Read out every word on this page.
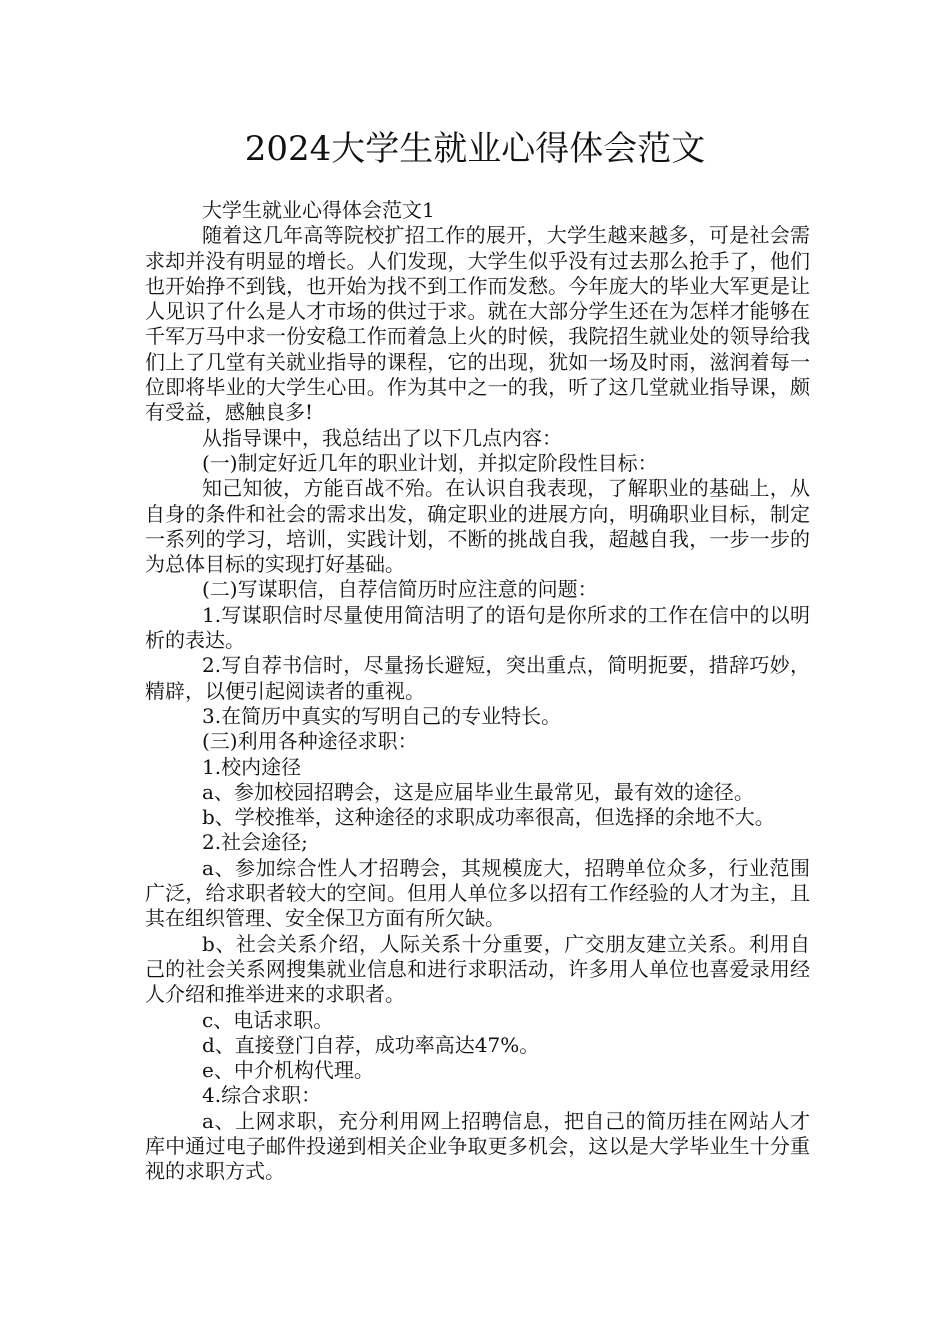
2024大学生就业心得体会范文

大学生就业心得体会范文1

随着这几年高等院校扩招工作的展开，大学生越来越多，可是社会需求却并没有明显的增长。人们发现，大学生似乎没有过去那么抢手了，他们也开始挣不到钱，也开始为找不到工作而发愁。今年庞大的毕业大军更是让人见识了什么是人才市场的供过于求。就在大部分学生还在为怎样才能够在千军万马中求一份安稳工作而着急上火的时候，我院招生就业处的领导给我们上了几堂有关就业指导的课程，它的出现，犹如一场及时雨，滋润着每一位即将毕业的大学生心田。作为其中之一的我，听了这几堂就业指导课，颇有受益，感触良多!

从指导课中，我总结出了以下几点内容：

(一)制定好近几年的职业计划，并拟定阶段性目标：

知己知彼，方能百战不殆。在认识自我表现，了解职业的基础上，从自身的条件和社会的需求出发，确定职业的进展方向，明确职业目标，制定一系列的学习，培训，实践计划，不断的挑战自我，超越自我，一步一步的为总体目标的实现打好基础。

(二)写谋职信，自荐信简历时应注意的问题：

1.写谋职信时尽量使用简洁明了的语句是你所求的工作在信中的以明析的表达。

2.写自荐书信时，尽量扬长避短，突出重点，简明扼要，措辞巧妙，精辟，以便引起阅读者的重视。

3.在简历中真实的写明自己的专业特长。

(三)利用各种途径求职：

1.校内途径

a、参加校园招聘会，这是应届毕业生最常见，最有效的途径。

b、学校推举，这种途径的求职成功率很高，但选择的余地不大。

2.社会途径;

a、参加综合性人才招聘会，其规模庞大，招聘单位众多，行业范围广泛，给求职者较大的空间。但用人单位多以招有工作经验的人才为主，且其在组织管理、安全保卫方面有所欠缺。

b、社会关系介绍，人际关系十分重要，广交朋友建立关系。利用自己的社会关系网搜集就业信息和进行求职活动，许多用人单位也喜爱录用经人介绍和推举进来的求职者。

c、电话求职。

d、直接登门自荐，成功率高达47%。

e、中介机构代理。

4.综合求职：

a、上网求职，充分利用网上招聘信息，把自己的简历挂在网站人才库中通过电子邮件投递到相关企业争取更多机会，这以是大学毕业生十分重视的求职方式。
